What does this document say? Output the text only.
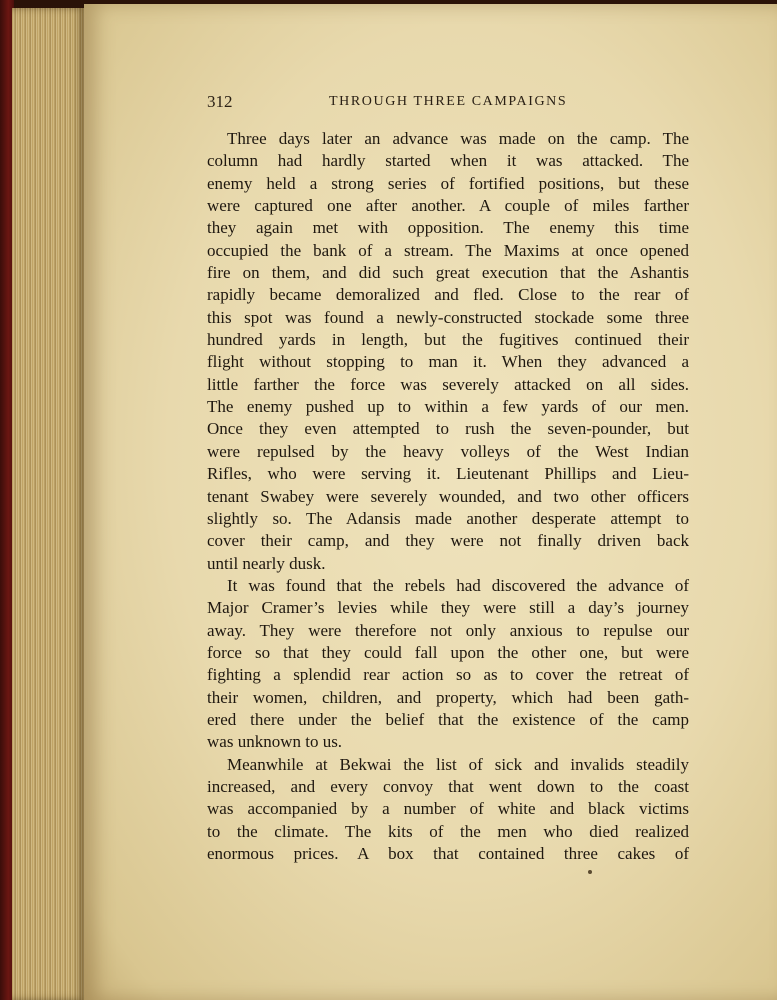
312	THROUGH THREE CAMPAIGNS
Three days later an advance was made on the camp. The
column had hardly started when it was attacked. The
enemy held a strong series of fortified positions, but these
were captured one after another. A couple of miles farther
they again met with opposition. The enemy this time
occupied the bank of a stream. The Maxims at once opened
fire on them, and did such great execution that the Ashantis
rapidly became demoralized and fled. Close to the rear of
this spot was found a newly-constructed stockade some three
hundred yards in length, but the fugitives continued their
flight without stopping to man it. When they advanced a
little farther the force was severely attacked on all sides.
The enemy pushed up to within a few yards of our men.
Once they even attempted to rush the seven-pounder, but
were repulsed by the heavy volleys of the West Indian
Rifles, who were serving it. Lieutenant Phillips and Lieu-
tenant Swabey were severely wounded, and two other officers
slightly so. The Adansis made another desperate attempt to
cover their camp, and they were not finally driven back
until nearly dusk.
It was found that the rebels had discovered the advance of
Major Cramer’s levies while they were still a day’s journey
away. They were therefore not only anxious to repulse our
force so that they could fall upon the other one, but were
fighting a splendid rear action so as to cover the retreat of
their women, children, and property, which had been gath-
ered there under the belief that the existence of the camp
was unknown to us.
Meanwhile at Bekwai the list of sick and invalids steadily
increased, and every convoy that went down to the coast
was accompanied by a number of white and black victims
to the climate. The kits of the men who died realized
enormous prices. A box that contained three cakes of
